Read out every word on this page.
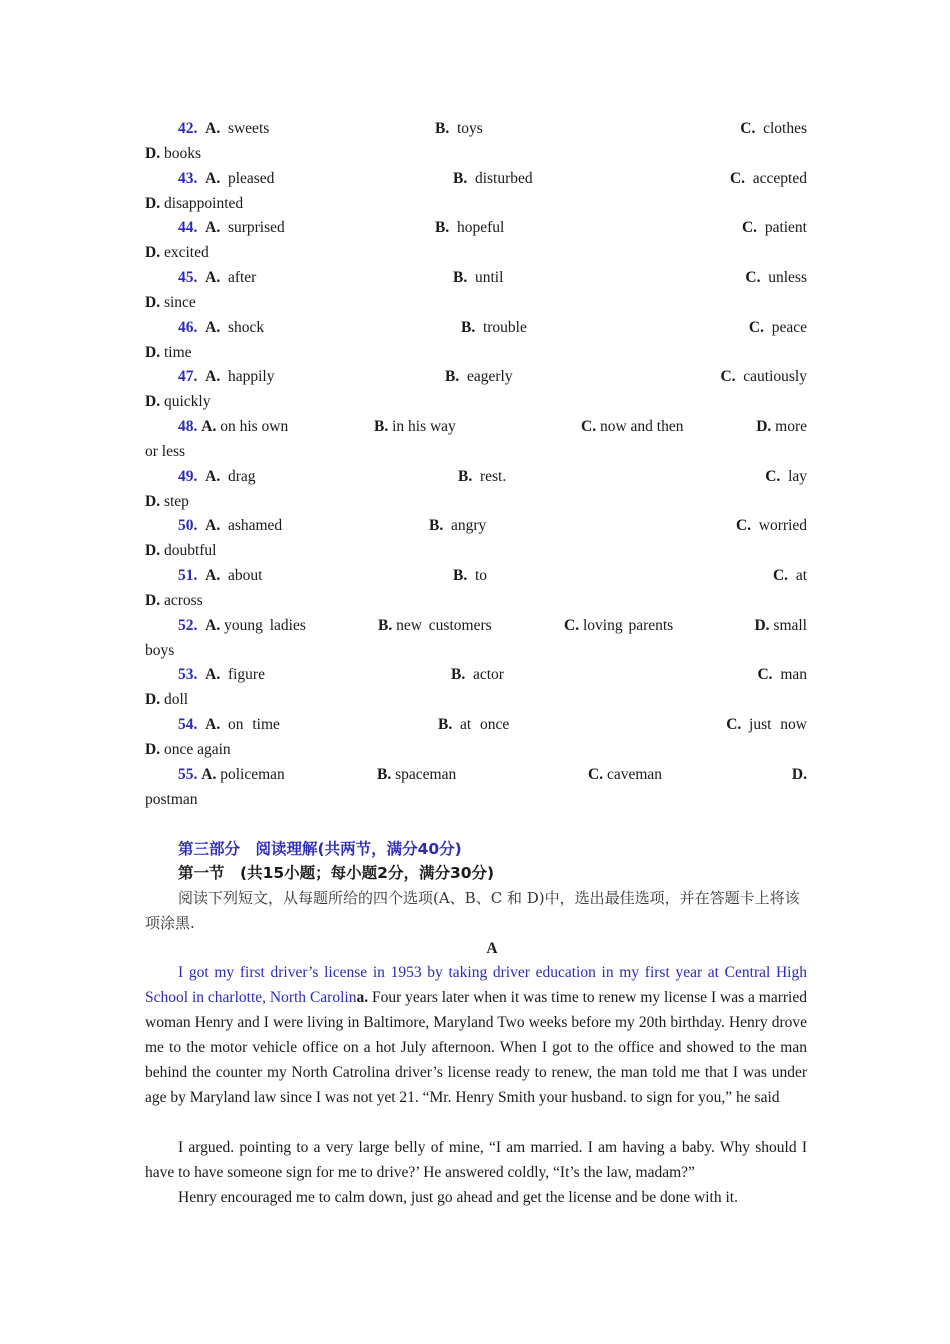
42. A. sweets	B. toys	C. clothes
D. books
43. A. pleased	B. disturbed	C. accepted
D. disappointed
44. A. surprised	B. hopeful	C. patient
D. excited
45. A. after	B. until	C. unless
D. since
46. A. shock	B. trouble	C. peace
D. time
47. A. happily	B. eagerly	C. cautiously
D. quickly
48. A. on his own	B. in his way	C. now and then	D. more
or less
49. A. drag	B. rest.	C. lay
D. step
50. A. ashamed	B. angry	C. worried
D. doubtful
51. A. about	B. to	C. at
D. across
52. A. young ladies	B. new customers	C. loving parents	D. small
boys
53. A. figure	B. actor	C. man
D. doll
54. A. on time	B. at once	C. just now
D. once again
55. A. policeman	B. spaceman	C. caveman	D.
postman
第三部分　阅读理解(共两节，满分40分)
第一节　(共15小题；每小题2分，满分30分)
阅读下列短文，从每题所给的四个选项(A、B、C 和 D)中，选出最佳选项，并在答题卡上将该项涂黑.
A
I got my first driver’s license in 1953 by taking driver education in my first year at Central High School in charlotte, North Carolina. Four years later when it was time to renew my license I was a married woman Henry and I were living in Baltimore, Maryland Two weeks before my 20th birthday. Henry drove me to the motor vehicle office on a hot July afternoon. When I got to the office and showed to the man behind the counter my North Catrolina driver’s license ready to renew, the man told me that I was under age by Maryland law since I was not yet 21. “Mr. Henry Smith your husband. to sign for you,” he said
I argued. pointing to a very large belly of mine, “I am married. I am having a baby. Why should I have to have someone sign for me to drive?’ He answered coldly, “It’s the law, madam?”
Henry encouraged me to calm down, just go ahead and get the license and be done with it.
